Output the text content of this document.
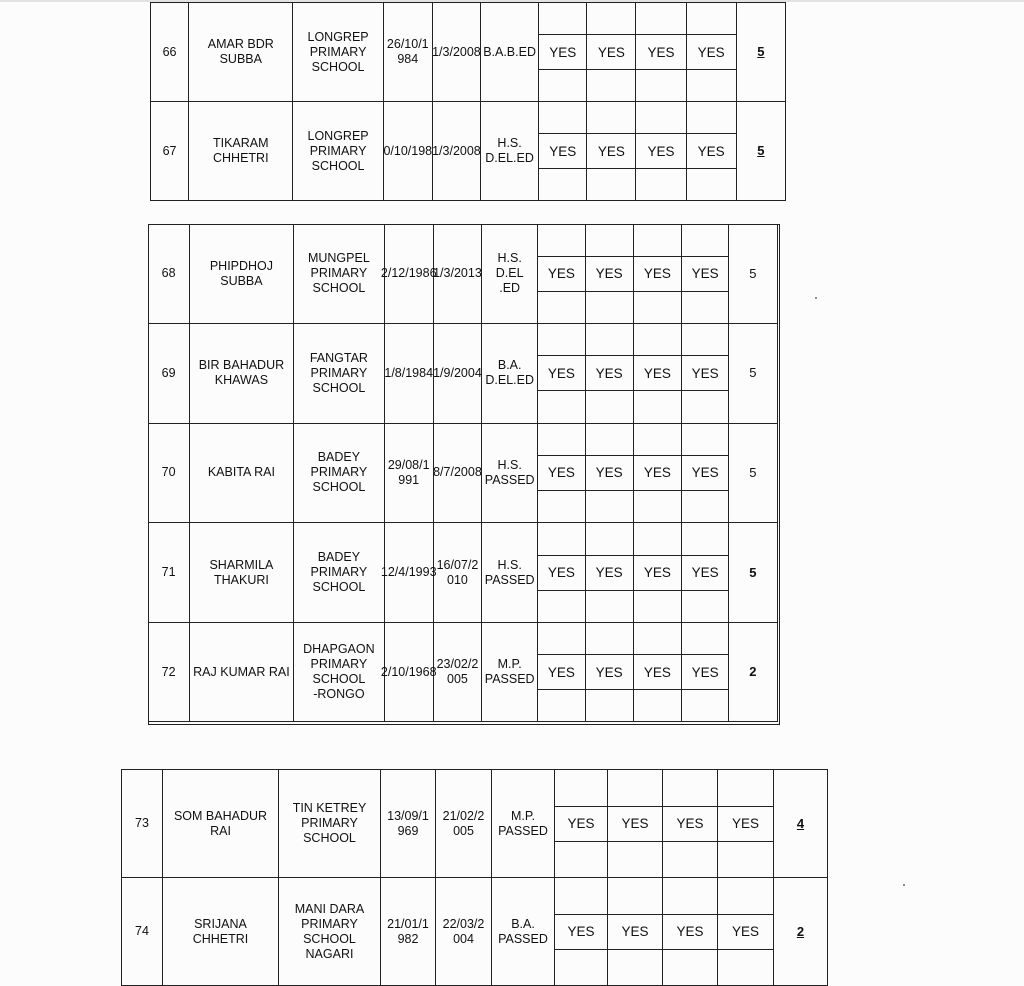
66	AMAR BDR
SUBBA	LONGREP
PRIMARY
SCHOOL	26/10/1
984	1/3/2008	B.A.B.ED	YES	YES	YES	YES	5
67	TIKARAM
CHHETRI	LONGREP
PRIMARY
SCHOOL	0/10/198	1/3/2008	H.S.
D.EL.ED	YES	YES	YES	YES	5
68	PHIPDHOJ
SUBBA	MUNGPEL
PRIMARY
SCHOOL	2/12/1986	1/3/2013	H.S. D.EL
.ED	YES	YES	YES	YES	5
69	BIR BAHADUR
KHAWAS	FANGTAR
PRIMARY
SCHOOL	1/8/1984	1/9/2004	B.A.
D.EL.ED	YES	YES	YES	YES	5
70	KABITA RAI	BADEY
PRIMARY
SCHOOL	29/08/1
991	8/7/2008	H.S.
PASSED	YES	YES	YES	YES	5
71	SHARMILA
THAKURI	BADEY
PRIMARY
SCHOOL	12/4/1993	16/07/2
010	H.S.
PASSED	YES	YES	YES	YES	5
72	RAJ KUMAR RAI	DHAPGAON
PRIMARY
SCHOOL
-RONGO	2/10/1968	23/02/2
005	M.P.
PASSED	YES	YES	YES	YES	2
73	SOM BAHADUR
RAI	TIN KETREY
PRIMARY
SCHOOL	13/09/1
969	21/02/2
005	M.P.
PASSED	YES	YES	YES	YES	4
74	SRIJANA
CHHETRI	MANI DARA
PRIMARY
SCHOOL
NAGARI	21/01/1
982	22/03/2
004	B.A.
PASSED	YES	YES	YES	YES	2
